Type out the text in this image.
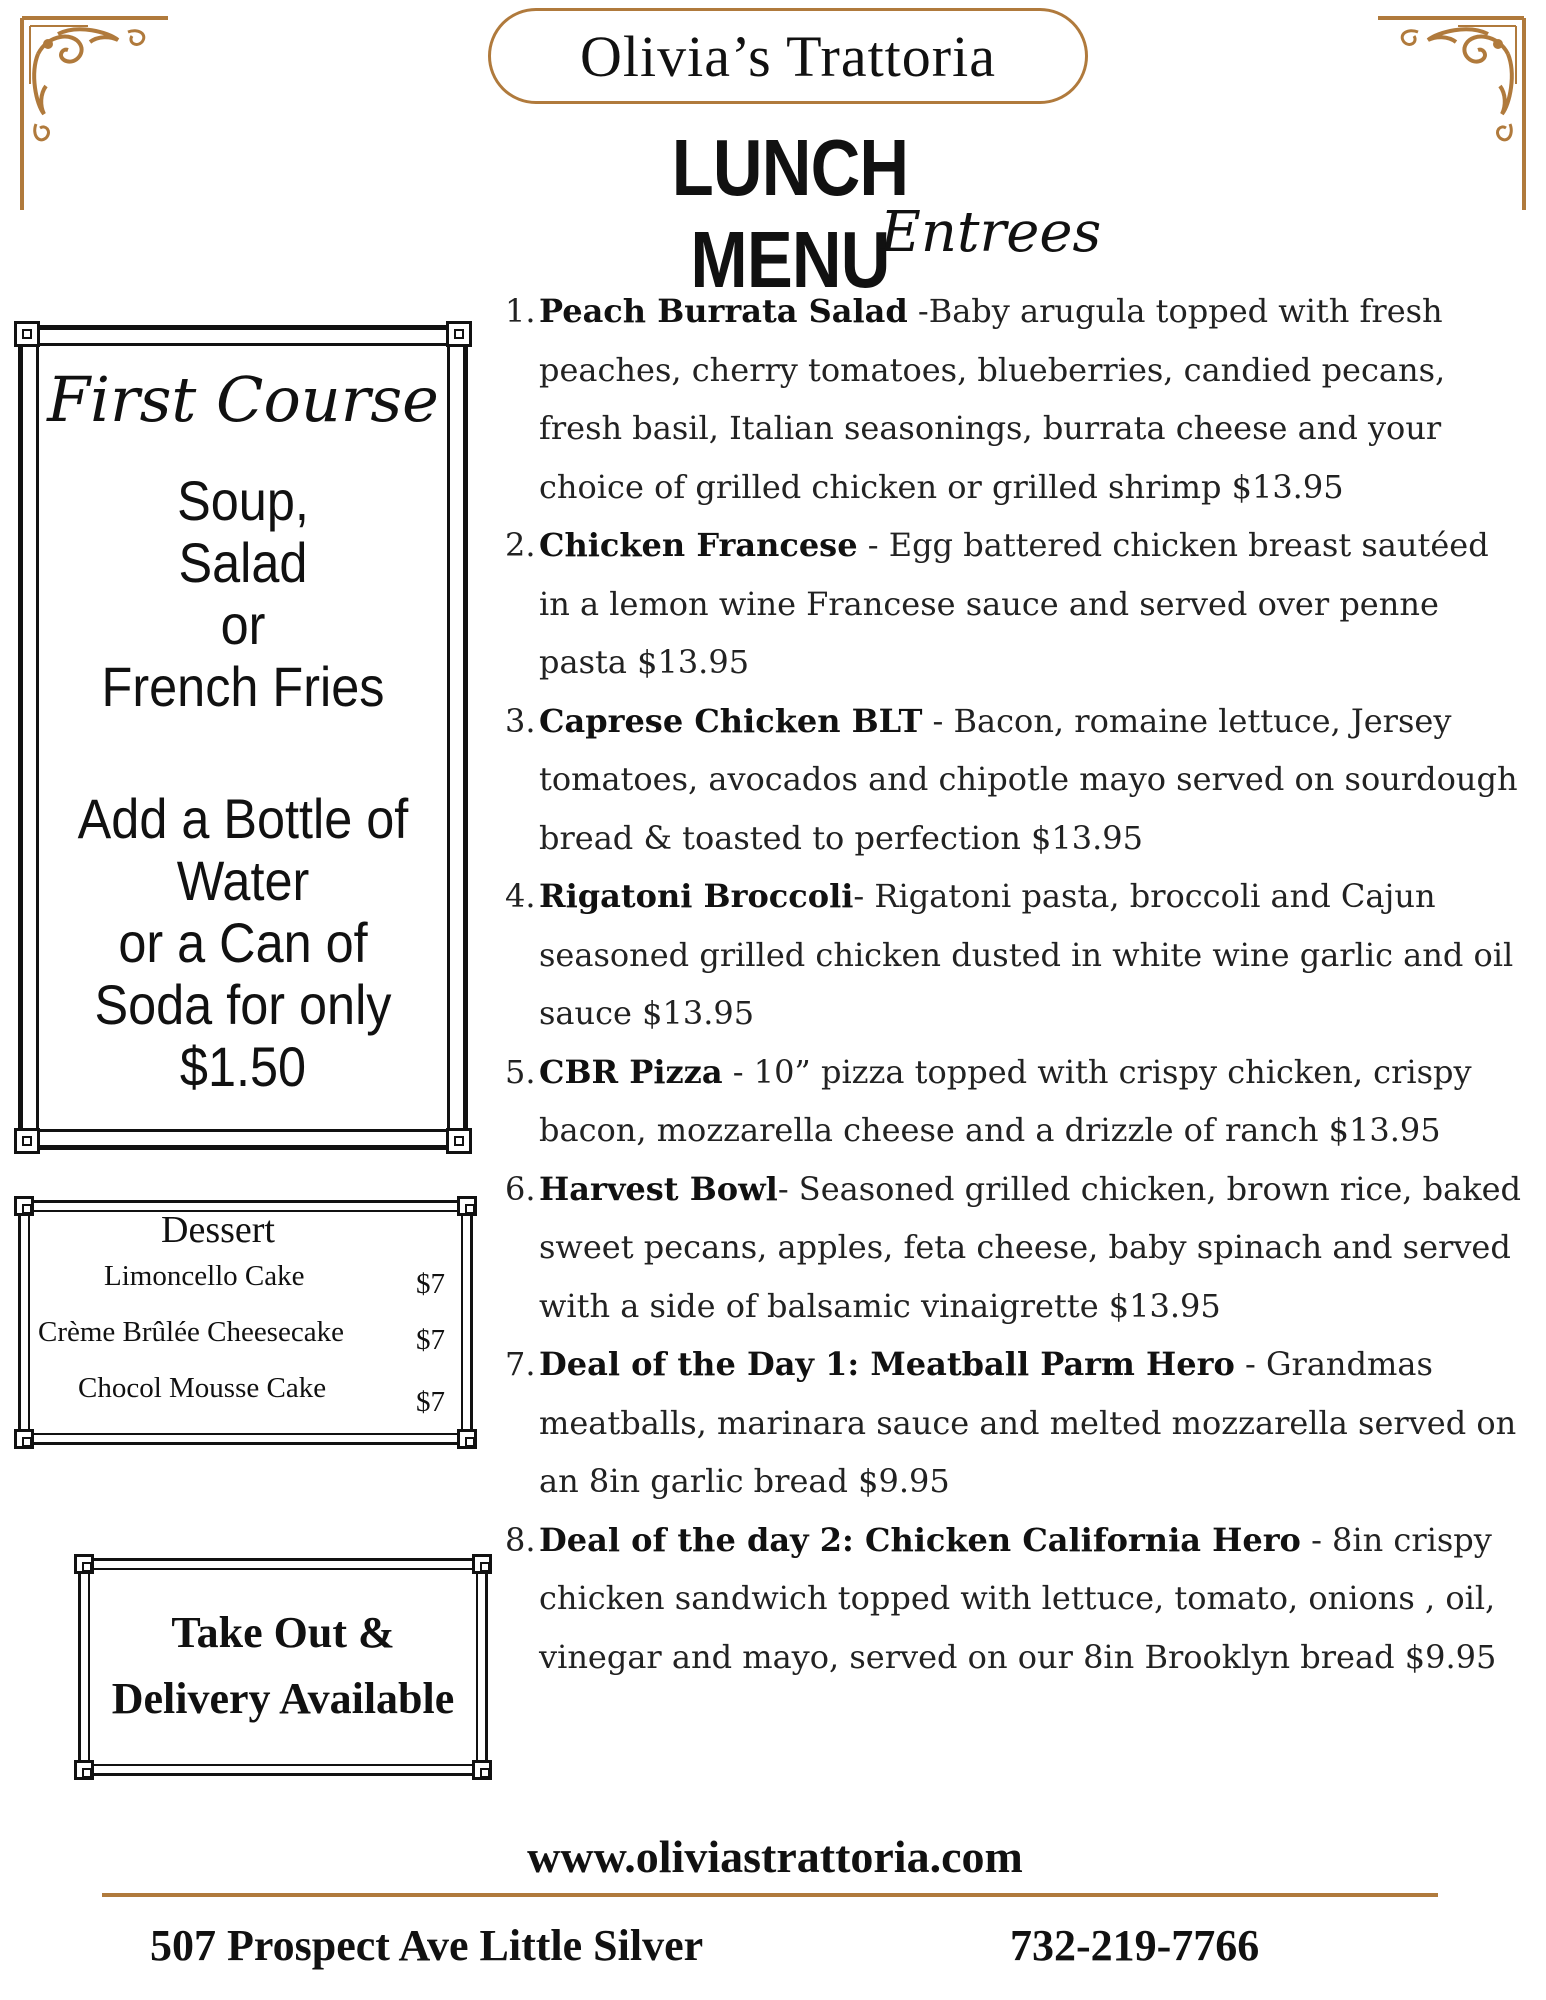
Olivia’s Trattoria
LUNCH MENU
Entrees
First Course
Soup,
Salad
or
French Fries
Add a Bottle of
Water
or a Can of
Soda for only
$1.50
Dessert
Limoncello Cake	$7
Crème Brûlée Cheesecake $7
Chocol Mousse Cake	$7
Take Out &
Delivery Available
1. Peach Burrata Salad -Baby arugula topped with fresh peaches, cherry tomatoes, blueberries, candied pecans, fresh basil, Italian seasonings, burrata cheese and your choice of grilled chicken or grilled shrimp $13.95
2. Chicken Francese - Egg battered chicken breast sautéed in a lemon wine Francese sauce and served over penne pasta $13.95
3. Caprese Chicken BLT - Bacon, romaine lettuce, Jersey tomatoes, avocados and chipotle mayo served on sourdough bread & toasted to perfection $13.95
4. Rigatoni Broccoli- Rigatoni pasta, broccoli and Cajun seasoned grilled chicken dusted in white wine garlic and oil sauce $13.95
5. CBR Pizza - 10” pizza topped with crispy chicken, crispy bacon, mozzarella cheese and a drizzle of ranch $13.95
6. Harvest Bowl- Seasoned grilled chicken, brown rice, baked sweet pecans, apples, feta cheese, baby spinach and served with a side of balsamic vinaigrette $13.95
7. Deal of the Day 1: Meatball Parm Hero - Grandmas meatballs, marinara sauce and melted mozzarella served on an 8in garlic bread $9.95
8. Deal of the day 2: Chicken California Hero - 8in crispy chicken sandwich topped with lettuce, tomato, onions , oil, vinegar and mayo, served on our 8in Brooklyn bread $9.95
www.oliviastrattoria.com
507 Prospect Ave Little Silver	732-219-7766
